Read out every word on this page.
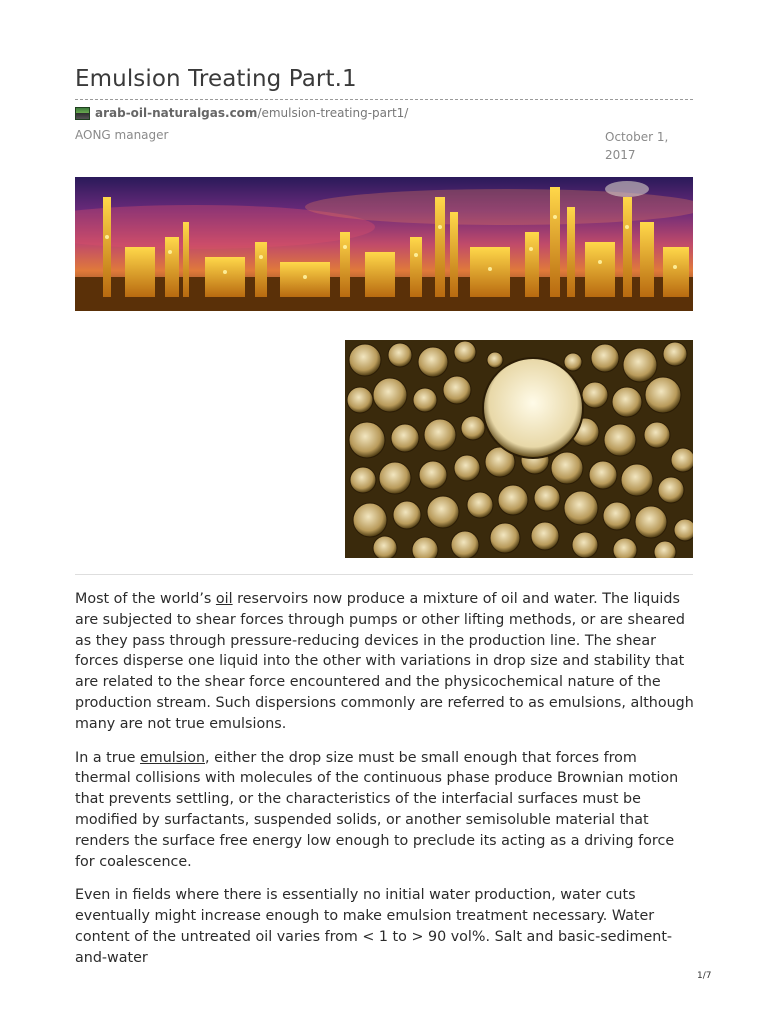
Emulsion Treating Part.1
arab-oil-naturalgas.com /emulsion-treating-part1/
AONG manager	October 1,
2017

Most of the world’s oil reservoirs now produce a mixture of oil and water. The liquids are subjected to shear forces through pumps or other lifting methods, or are sheared as they pass through pressure-reducing devices in the production line. The shear forces disperse one liquid into the other with variations in drop size and stability that are related to the shear force encountered and the physicochemical nature of the production stream. Such dispersions commonly are referred to as emulsions, although many are not true emulsions.

In a true emulsion, either the drop size must be small enough that forces from thermal collisions with molecules of the continuous phase produce Brownian motion that prevents settling, or the characteristics of the interfacial surfaces must be modified by surfactants, suspended solids, or another semisoluble material that renders the surface free energy low enough to preclude its acting as a driving force for coalescence.

Even in fields where there is essentially no initial water production, water cuts eventually might increase enough to make emulsion treatment necessary. Water content of the untreated oil varies from < 1 to > 90 vol%. Salt and basic-sediment-and-water

1/7
